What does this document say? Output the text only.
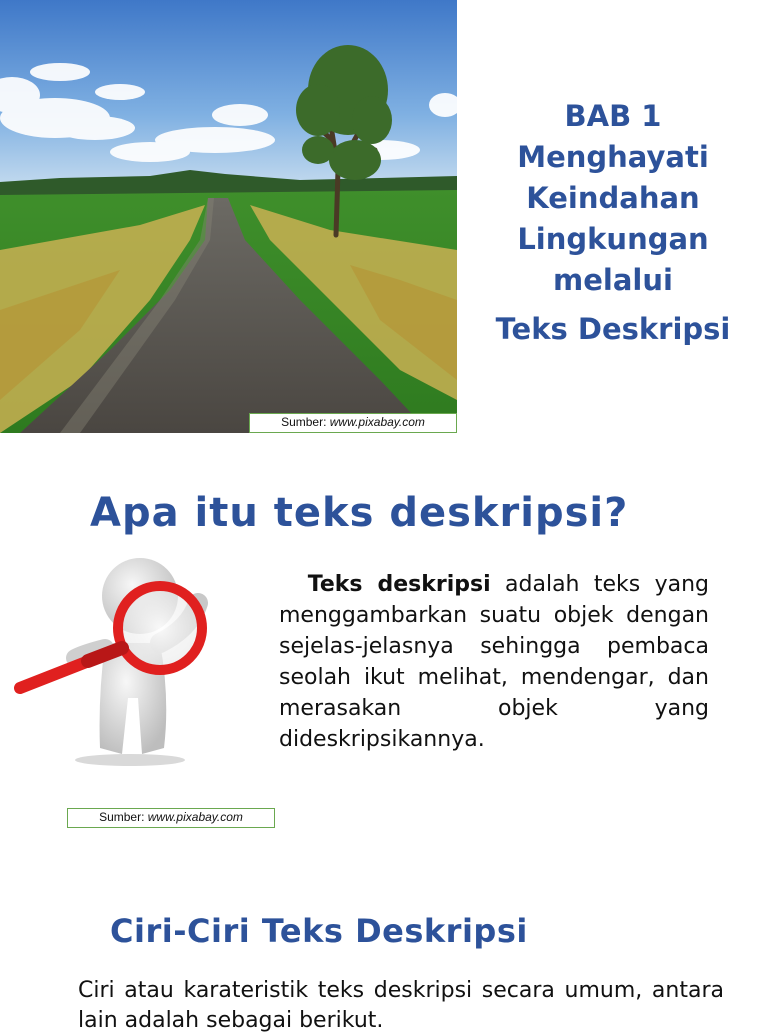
Sumber: www.pixabay.com
BAB 1
Menghayati
Keindahan
Lingkungan
melalui
Teks Deskripsi
Apa itu teks deskripsi?
Teks deskripsi adalah teks yang menggambarkan suatu objek dengan sejelas-jelasnya sehingga pembaca seolah ikut melihat, mendengar, dan merasakan objek yang dideskripsikannya.
Sumber: www.pixabay.com
Ciri-Ciri Teks Deskripsi
Ciri atau karateristik teks deskripsi secara umum, antara lain adalah sebagai berikut.
